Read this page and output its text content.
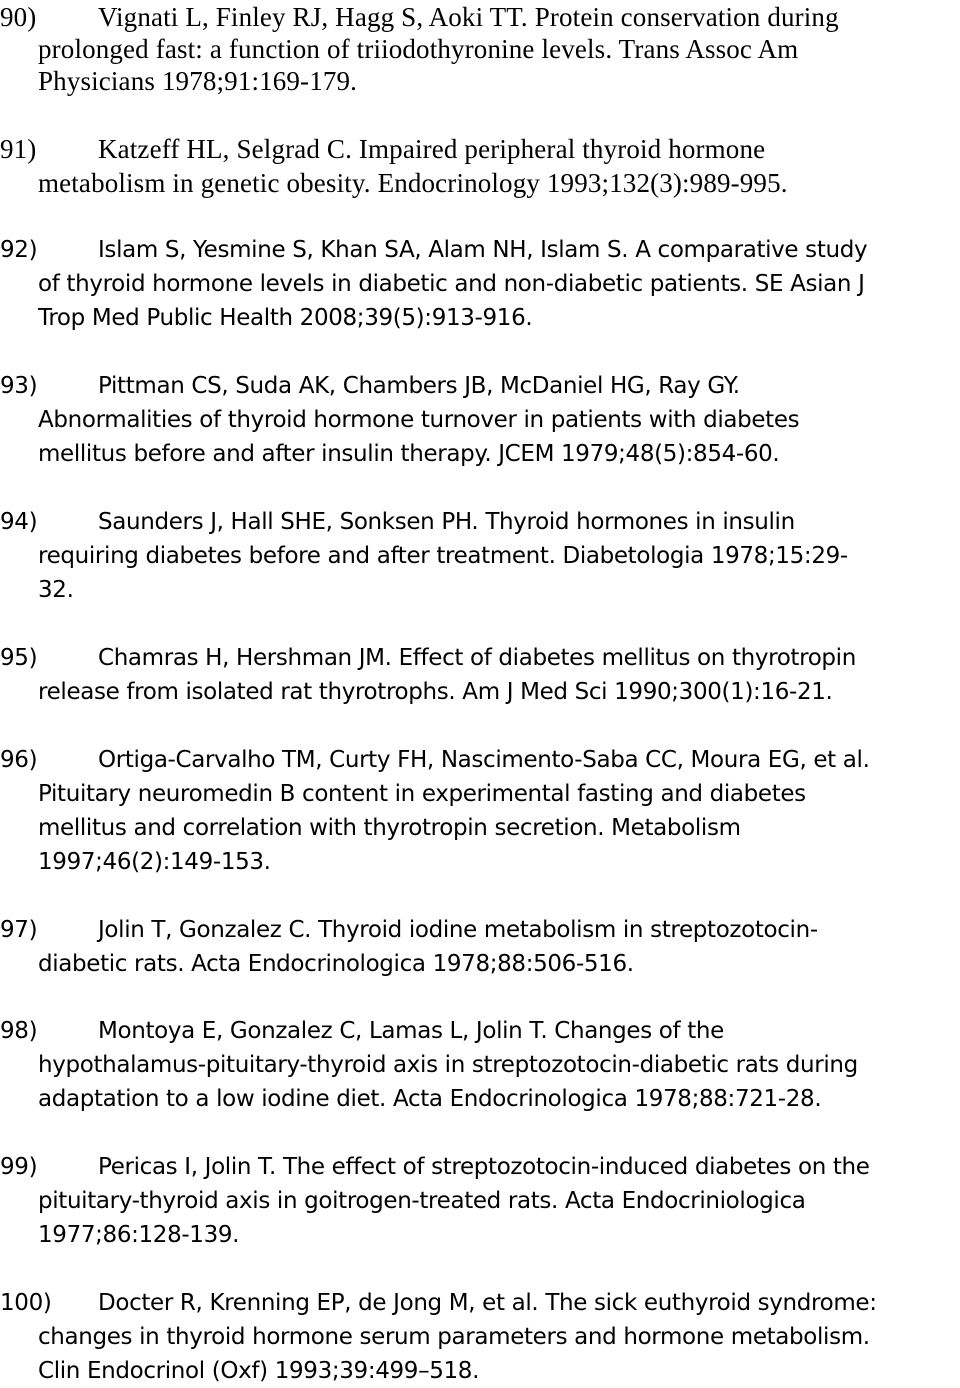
90) Vignati L, Finley RJ, Hagg S, Aoki TT. Protein conservation during
prolonged fast: a function of triiodothyronine levels. Trans Assoc Am
Physicians 1978;91:169-179.
91) Katzeff HL, Selgrad C. Impaired peripheral thyroid hormone
metabolism in genetic obesity. Endocrinology 1993;132(3):989-995.
92)	Islam S, Yesmine S, Khan SA, Alam NH, Islam S. A comparative study
of thyroid hormone levels in diabetic and non-diabetic patients. SE Asian J
Trop Med Public Health 2008;39(5):913-916.
93)	Pittman CS, Suda AK, Chambers JB, McDaniel HG, Ray GY.
Abnormalities of thyroid hormone turnover in patients with diabetes
mellitus before and after insulin therapy. JCEM 1979;48(5):854-60.
94)	Saunders J, Hall SHE, Sonksen PH. Thyroid hormones in insulin
requiring diabetes before and after treatment. Diabetologia 1978;15:29-
32.
95)	Chamras H, Hershman JM. Effect of diabetes mellitus on thyrotropin
release from isolated rat thyrotrophs. Am J Med Sci 1990;300(1):16-21.
96)	Ortiga-Carvalho TM, Curty FH, Nascimento-Saba CC, Moura EG, et al.
Pituitary neuromedin B content in experimental fasting and diabetes
mellitus and correlation with thyrotropin secretion. Metabolism
1997;46(2):149-153.
97)	Jolin T, Gonzalez C. Thyroid iodine metabolism in streptozotocin-
diabetic rats. Acta Endocrinologica 1978;88:506-516.
98)	Montoya E, Gonzalez C, Lamas L, Jolin T. Changes of the
hypothalamus-pituitary-thyroid axis in streptozotocin-diabetic rats during
adaptation to a low iodine diet. Acta Endocrinologica 1978;88:721-28.
99)	Pericas I, Jolin T. The effect of streptozotocin-induced diabetes on the
pituitary-thyroid axis in goitrogen-treated rats. Acta Endocriniologica
1977;86:128-139.
100) Docter R, Krenning EP, de Jong M, et al. The sick euthyroid syndrome:
changes in thyroid hormone serum parameters and hormone metabolism.
Clin Endocrinol (Oxf) 1993;39:499–518.
